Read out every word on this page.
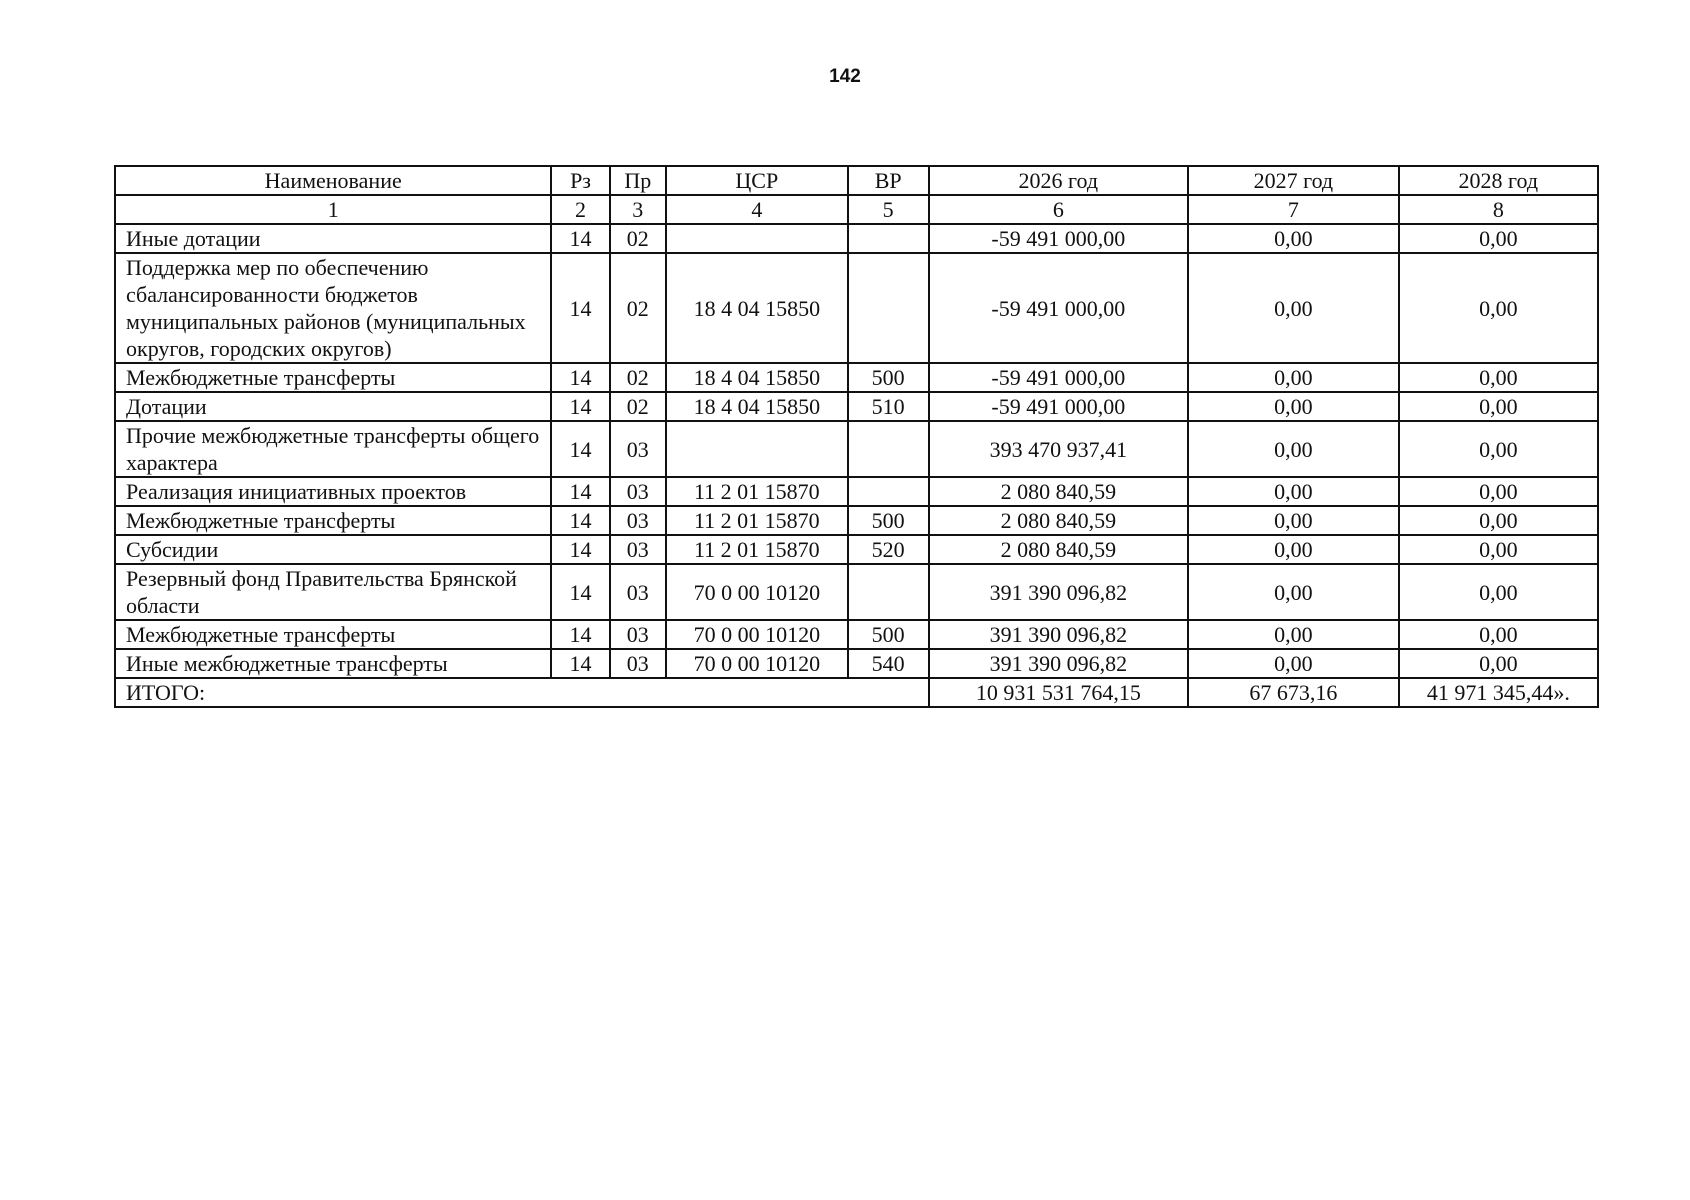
142
Наименование	Рз	Пр	ЦСР	ВР	2026 год	2027 год	2028 год
1	2	3	4	5	6	7	8
Иные дотации	14	02			-59 491 000,00	0,00	0,00
Поддержка мер по обеспечению сбалансированности бюджетов муниципальных районов (муниципальных округов, городских округов)	14	02	18 4 04 15850		-59 491 000,00	0,00	0,00
Межбюджетные трансферты	14	02	18 4 04 15850	500	-59 491 000,00	0,00	0,00
Дотации	14	02	18 4 04 15850	510	-59 491 000,00	0,00	0,00
Прочие межбюджетные трансферты общего характера	14	03			393 470 937,41	0,00	0,00
Реализация инициативных проектов	14	03	11 2 01 15870		2 080 840,59	0,00	0,00
Межбюджетные трансферты	14	03	11 2 01 15870	500	2 080 840,59	0,00	0,00
Субсидии	14	03	11 2 01 15870	520	2 080 840,59	0,00	0,00
Резервный фонд Правительства Брянской области	14	03	70 0 00 10120		391 390 096,82	0,00	0,00
Межбюджетные трансферты	14	03	70 0 00 10120	500	391 390 096,82	0,00	0,00
Иные межбюджетные трансферты	14	03	70 0 00 10120	540	391 390 096,82	0,00	0,00
ИТОГО:					10 931 531 764,15	67 673,16	41 971 345,44».
